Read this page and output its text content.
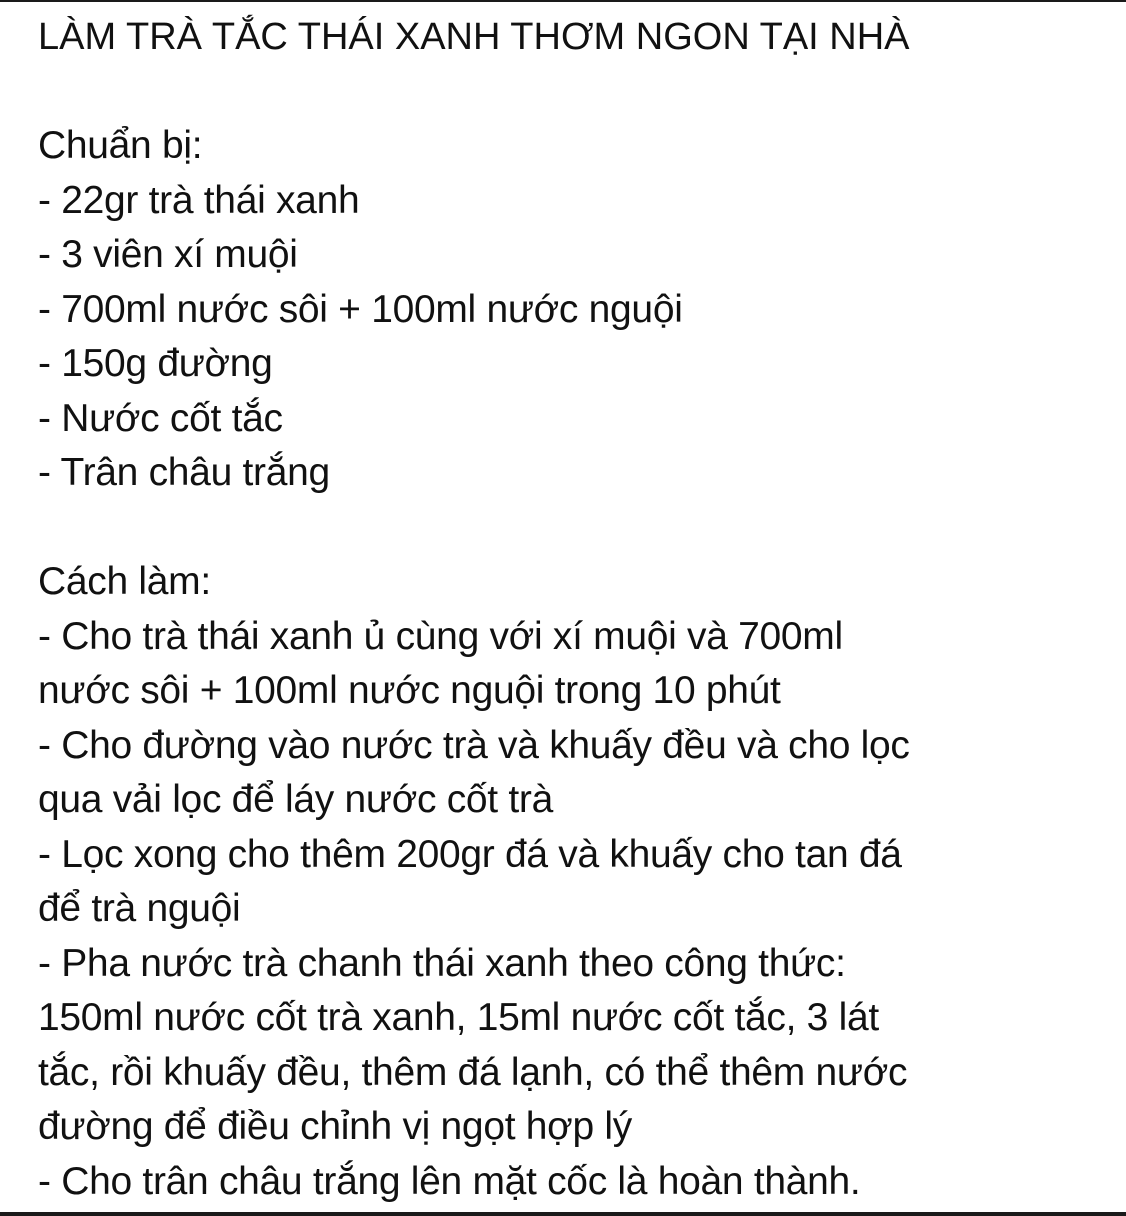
LÀM TRÀ TẮC THÁI XANH THƠM NGON TẠI NHÀ
Chuẩn bị:
- 22gr trà thái xanh
- 3 viên xí muội
- 700ml nước sôi + 100ml nước nguội
- 150g đường
- Nước cốt tắc
- Trân châu trắng
Cách làm:
- Cho trà thái xanh ủ cùng với xí muội và 700ml
nước sôi + 100ml nước nguội trong 10 phút
- Cho đường vào nước trà và khuấy đều và cho lọc
qua vải lọc để láy nước cốt trà
- Lọc xong cho thêm 200gr đá và khuấy cho tan đá
để trà nguội
- Pha nước trà chanh thái xanh theo công thức:
150ml nước cốt trà xanh, 15ml nước cốt tắc, 3 lát
tắc, rồi khuấy đều, thêm đá lạnh, có thể thêm nước
đường để điều chỉnh vị ngọt hợp lý
- Cho trân châu trắng lên mặt cốc là hoàn thành.
